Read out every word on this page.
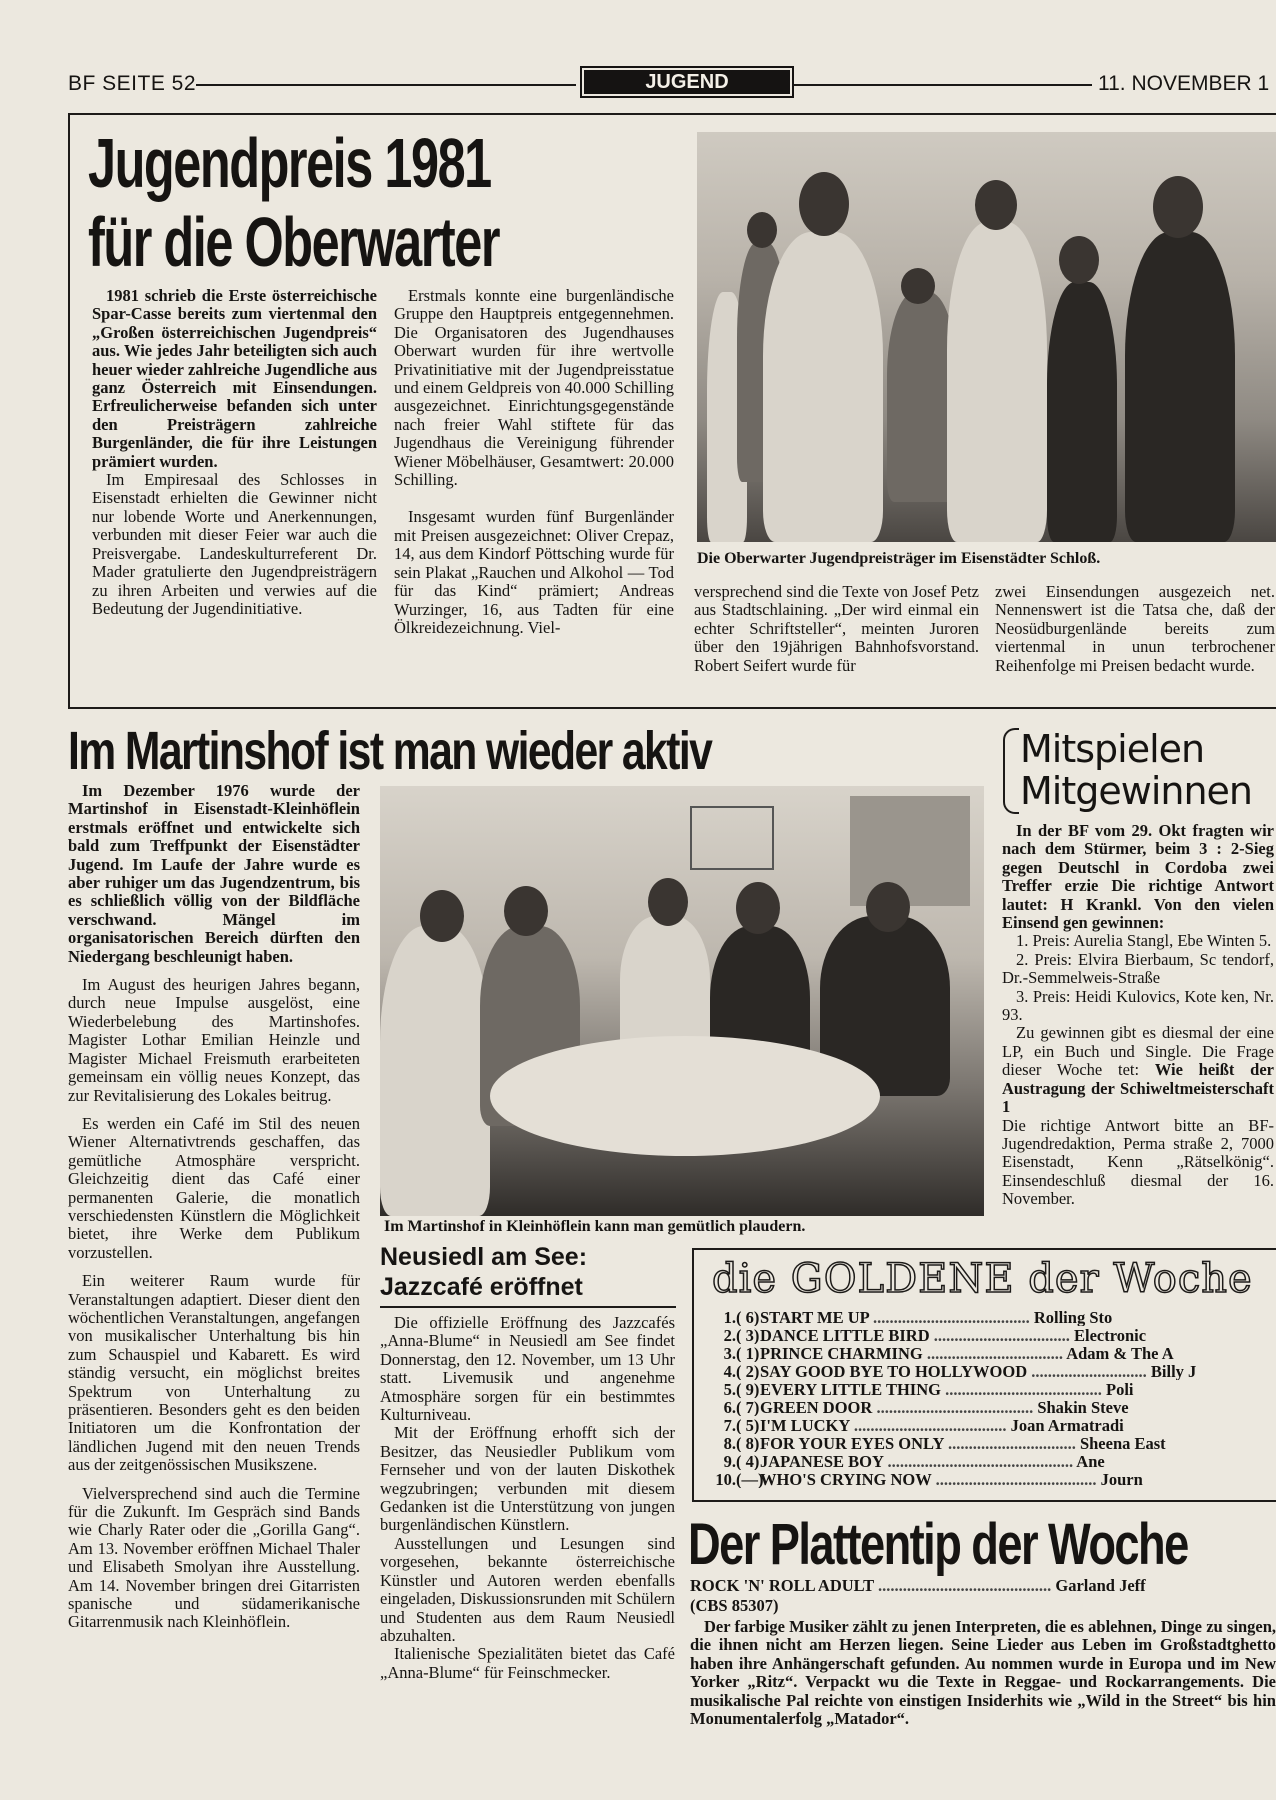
BF SEITE 52	JUGEND	11. NOVEMBER 1
Jugendpreis 1981
für die Oberwarter

1981 schrieb die Erste österreichische Spar-Casse bereits zum viertenmal den „Großen österreichischen Jugendpreis“ aus. Wie jedes Jahr beteiligten sich auch heuer wieder zahlreiche Jugendliche aus ganz Österreich mit Einsendungen. Erfreulicherweise befanden sich unter den Preisträgern zahlreiche Burgenländer, die für ihre Leistungen prämiert wurden.

Im Empiresaal des Schlosses in Eisenstadt erhielten die Gewinner nicht nur lobende Worte und Anerkennungen, verbunden mit dieser Feier war auch die Preisvergabe. Landeskulturreferent Dr. Mader gratulierte den Jugendpreisträgern zu ihren Arbeiten und verwies auf die Bedeutung der Jugendinitiative.

Erstmals konnte eine burgenländische Gruppe den Hauptpreis entgegennehmen. Die Organisatoren des Jugendhauses Oberwart wurden für ihre wertvolle Privatinitiative mit der Jugendpreisstatue und einem Geldpreis von 40.000 Schilling ausgezeichnet. Einrichtungsgegenstände nach freier Wahl stiftete für das Jugendhaus die Vereinigung führender Wiener Möbelhäuser, Gesamtwert: 20.000 Schilling.

Insgesamt wurden fünf Burgenländer mit Preisen ausgezeichnet: Oliver Crepaz, 14, aus dem Kindorf Pöttsching wurde für sein Plakat „Rauchen und Alkohol — Tod für das Kind“ prämiert; Andreas Wurzinger, 16, aus Tadten für eine Ölkreidezeichnung. Viel-

Die Oberwarter Jugendpreisträger im Eisenstädter Schloß.

versprechend sind die Texte von Josef Petz aus Stadtschlaining. „Der wird einmal ein echter Schriftsteller“, meinten Juroren über den 19jährigen Bahnhofsvorstand. Robert Seifert wurde für

zwei Einsendungen ausgezeich net. Nennenswert ist die Tatsa che, daß der Neosüdburgenlände bereits zum viertenmal in unun terbrochener Reihenfolge mi Preisen bedacht wurde.

Im Martinshof ist man wieder aktiv

Im Dezember 1976 wurde der Martinshof in Eisenstadt-Kleinhöflein erstmals eröffnet und entwickelte sich bald zum Treffpunkt der Eisenstädter Jugend. Im Laufe der Jahre wurde es aber ruhiger um das Jugendzentrum, bis es schließlich völlig von der Bildfläche verschwand. Mängel im organisatorischen Bereich dürften den Niedergang beschleunigt haben.

Im August des heurigen Jahres begann, durch neue Impulse ausgelöst, eine Wiederbelebung des Martinshofes. Magister Lothar Emilian Heinzle und Magister Michael Freismuth erarbeiteten gemeinsam ein völlig neues Konzept, das zur Revitalisierung des Lokales beitrug.

Es werden ein Café im Stil des neuen Wiener Alternativtrends geschaffen, das gemütliche Atmosphäre verspricht. Gleichzeitig dient das Café einer permanenten Galerie, die monatlich verschiedensten Künstlern die Möglichkeit bietet, ihre Werke dem Publikum vorzustellen.

Ein weiterer Raum wurde für Veranstaltungen adaptiert. Dieser dient den wöchentlichen Veranstaltungen, angefangen von musikalischer Unterhaltung bis hin zum Schauspiel und Kabarett. Es wird ständig versucht, ein möglichst breites Spektrum von Unterhaltung zu präsentieren. Besonders geht es den beiden Initiatoren um die Konfrontation der ländlichen Jugend mit den neuen Trends aus der zeitgenössischen Musikszene.

Vielversprechend sind auch die Termine für die Zukunft. Im Gespräch sind Bands wie Charly Rater oder die „Gorilla Gang“. Am 13. November eröffnen Michael Thaler und Elisabeth Smolyan ihre Ausstellung. Am 14. November bringen drei Gitarristen spanische und südamerikanische Gitarrenmusik nach Kleinhöflein.

Im Martinshof in Kleinhöflein kann man gemütlich plaudern.
Neusiedl am See:
Jazzcafé eröffnet

Die offizielle Eröffnung des Jazzcafés „Anna-Blume“ in Neusiedl am See findet Donnerstag, den 12. November, um 13 Uhr statt. Livemusik und angenehme Atmosphäre sorgen für ein bestimmtes Kulturniveau.

Mit der Eröffnung erhofft sich der Besitzer, das Neusiedler Publikum vom Fernseher und von der lauten Diskothek wegzubringen; verbunden mit diesem Gedanken ist die Unterstützung von jungen burgenländischen Künstlern.

Ausstellungen und Lesungen sind vorgesehen, bekannte österreichische Künstler und Autoren werden ebenfalls eingeladen, Diskussionsrunden mit Schülern und Studenten aus dem Raum Neusiedl abzuhalten.

Italienische Spezialitäten bietet das Café „Anna-Blume“ für Feinschmecker.

Mitspielen
Mitgewinnen

In der BF vom 29. Okt fragten wir nach dem Stürmer, beim 3 : 2-Sieg gegen Deutschl in Cordoba zwei Treffer erzie Die richtige Antwort lautet: H Krankl. Von den vielen Einsend gen gewinnen:

1. Preis: Aurelia Stangl, Ebe Winten 5.

2. Preis: Elvira Bierbaum, Sc tendorf, Dr.-Semmelweis-Straße

3. Preis: Heidi Kulovics, Kote ken, Nr. 93.

Zu gewinnen gibt es diesmal der eine LP, ein Buch und Single. Die Frage dieser Woche tet: Wie heißt der Austragung der Schiweltmeisterschaft 1

Die richtige Antwort bitte an BF-Jugendredaktion, Perma straße 2, 7000 Eisenstadt, Kenn „Rätselkönig“. Einsendeschluß diesmal der 16. November.

die GOLDENE der Woche
1.( 6)START ME UP ...................................... Rolling Sto
2.( 3)DANCE LITTLE BIRD ................................. Electronic
3.( 1)PRINCE CHARMING ................................. Adam & The A
4.( 2)SAY GOOD BYE TO HOLLYWOOD ............................ Billy J
5.( 9)EVERY LITTLE THING ...................................... Poli
6.( 7)GREEN DOOR ...................................... Shakin Steve
7.( 5)I'M LUCKY ..................................... Joan Armatradi
8.( 8)FOR YOUR EYES ONLY ............................... Sheena East
9.( 4)JAPANESE BOY ............................................. Ane
10.(—)WHO'S CRYING NOW ....................................... Journ
Der Plattentip der Woche
ROCK 'N' ROLL ADULT .......................................... Garland Jeff
(CBS 85307)

Der farbige Musiker zählt zu jenen Interpreten, die es ablehnen, Dinge zu singen, die ihnen nicht am Herzen liegen. Seine Lieder aus Leben im Großstadtghetto haben ihre Anhängerschaft gefunden. Au nommen wurde in Europa und im New Yorker „Ritz“. Verpackt wu die Texte in Reggae- und Rockarrangements. Die musikalische Pal reichte von einstigen Insiderhits wie „Wild in the Street“ bis hin Monumentalerfolg „Matador“.
